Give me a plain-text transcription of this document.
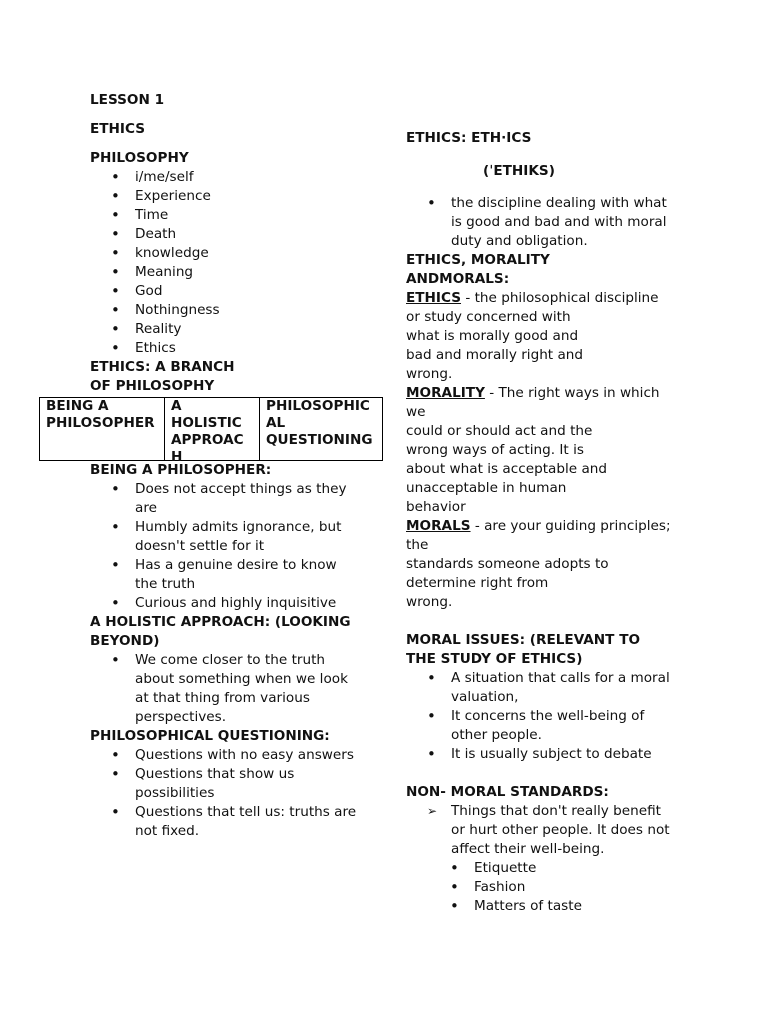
LESSON 1

ETHICS

PHILOSOPHY

• i/me/self
• Experience
• Time
• Death
• knowledge
• Meaning
• God
• Nothingness
• Reality
• Ethics

ETHICS: A BRANCH
OF PHILOSOPHY

BEING A
PHILOSOPHER
A
HOLISTIC
APPROAC
H
PHILOSOPHIC
AL
QUESTIONING

BEING A PHILOSOPHER:

• Does not accept things as they
are
• Humbly admits ignorance, but
doesn't settle for it
• Has a genuine desire to know
the truth
• Curious and highly inquisitive

A HOLISTIC APPROACH: (LOOKING
BEYOND)

• We come closer to the truth
about something when we look
at that thing from various
perspectives.

PHILOSOPHICAL QUESTIONING:

• Questions with no easy answers
• Questions that show us
possibilities
• Questions that tell us: truths are
not fixed.

ETHICS: ETH·ICS

(ˈETHIKS)

• the discipline dealing with what
is good and bad and with moral
duty and obligation.

ETHICS, MORALITY
ANDMORALS:

ETHICS - the philosophical discipline
or study concerned with
what is morally good and
bad and morally right and
wrong.
MORALITY - The right ways in which
we
could or should act and the
wrong ways of acting. It is
about what is acceptable and
unacceptable in human
behavior
MORALS - are your guiding principles;
the
standards someone adopts to
determine right from
wrong.

MORAL ISSUES: (RELEVANT TO
THE STUDY OF ETHICS)

• A situation that calls for a moral
valuation,
• It concerns the well-being of
other people.
• It is usually subject to debate

NON- MORAL STANDARDS:

➢ Things that don't really benefit
or hurt other people. It does not
affect their well-being.
• Etiquette
• Fashion
• Matters of taste
